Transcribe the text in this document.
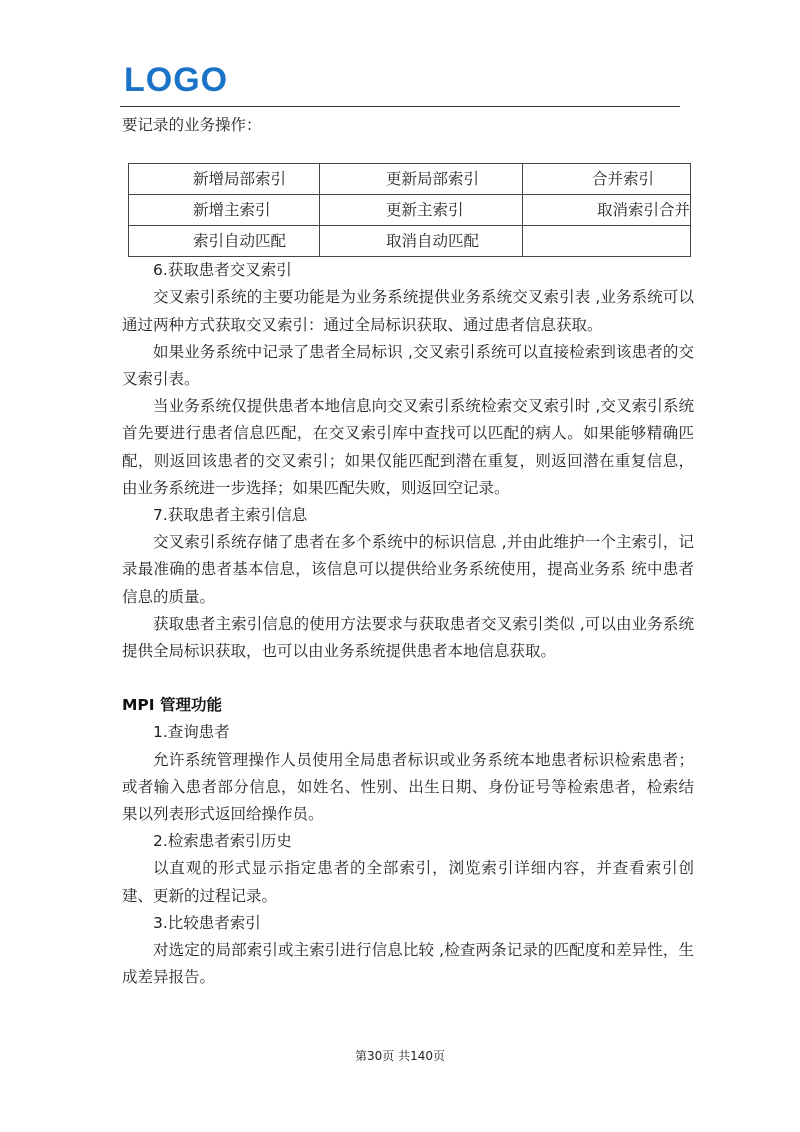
LOGO

要记录的业务操作：

新增局部索引	更新局部索引	合并索引
新增主索引	更新主索引	取消索引合并
索引自动匹配	取消自动匹配	

6.获取患者交叉索引

交叉索引系统的主要功能是为业务系统提供业务系统交叉索引表 ,业务系统可以通过两种方式获取交叉索引：通过全局标识获取、通过患者信息获取。

如果业务系统中记录了患者全局标识 ,交叉索引系统可以直接检索到该患者的交叉索引表。

当业务系统仅提供患者本地信息向交叉索引系统检索交叉索引时 ,交叉索引系统首先要进行患者信息匹配，在交叉索引库中查找可以匹配的病人。如果能够精确匹配，则返回该患者的交叉索引；如果仅能匹配到潜在重复，则返回潜在重复信息，由业务系统进一步选择；如果匹配失败，则返回空记录。

7.获取患者主索引信息

交叉索引系统存储了患者在多个系统中的标识信息 ,并由此维护一个主索引，记录最准确的患者基本信息，该信息可以提供给业务系统使用，提高业务系 统中患者信息的质量。

获取患者主索引信息的使用方法要求与获取患者交叉索引类似 ,可以由业务系统提供全局标识获取，也可以由业务系统提供患者本地信息获取。

MPI 管理功能

1.查询患者

允许系统管理操作人员使用全局患者标识或业务系统本地患者标识检索患者；或者输入患者部分信息，如姓名、性别、出生日期、身份证号等检索患者，检索结果以列表形式返回给操作员。

2.检索患者索引历史

以直观的形式显示指定患者的全部索引，浏览索引详细内容，并查看索引创建、更新的过程记录。

3.比较患者索引

对选定的局部索引或主索引进行信息比较 ,检查两条记录的匹配度和差异性，生成差异报告。

第30页 共140页
